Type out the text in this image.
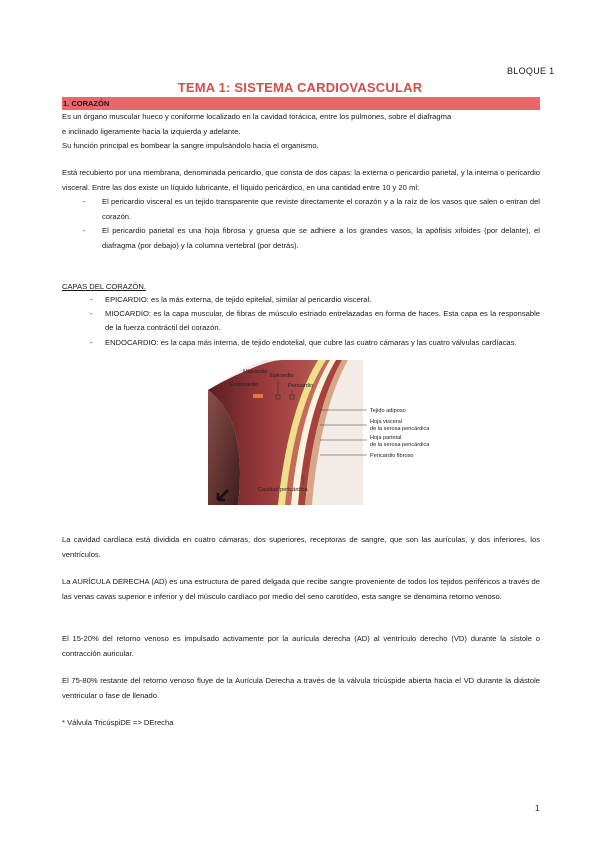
BLOQUE 1
TEMA 1: SISTEMA CARDIOVASCULAR
1. CORAZÓN
Es un órgano muscular hueco y coniforme localizado en la cavidad torácica, entre los pulmones, sobre el diafragma
e inclinado ligeramente hacia la izquierda y adelante.
Su función principal es bombear la sangre impulsándolo hacia el organismo.
Está recubierto por una membrana, denominada pericardio, que consta de dos capas: la externa o pericardio parietal, y la interna o pericardio visceral. Entre las dos existe un líquido lubricante, el líquido pericárdico, en una cantidad entre 10 y 20 ml:
- El pericardio visceral es un tejido transparente que reviste directamente el corazón y a la raíz de los vasos que salen o entran del corazón.
- El pericardio parietal es una hoja fibrosa y gruesa que se adhiere a los grandes vasos, la apófisis xifoides (por delante), el diafragma (por debajo) y la columna vertebral (por detrás).
CAPAS DEL CORAZÓN.
- EPICARDIO: es la más externa, de tejido epitelial, similar al pericardio visceral.
- MIOCARDIO: es la capa muscular, de fibras de músculo estriado entrelazadas en forma de haces. Esta capa es la responsable de la fuerza contráctil del corazón.
- ENDOCARDIO: es la capa más interna, de tejido endotelial, que cubre las cuatro cámaras y las cuatro válvulas cardíacas.
Endocardio
Miocardio
Epicardio
Pericardio
Tejido adiposo
Hoja visceral
de la serosa pericárdica
Hoja parietal
de la serosa pericárdica
Pericardio fibroso
Cavidad pericárdica
La cavidad cardíaca está dividida en cuatro cámaras, dos superiores, receptoras de sangre, que son las aurículas, y dos inferiores, los ventrículos.
La AURÍCULA DERECHA (AD) es una estructura de pared delgada que recibe sangre proveniente de todos los tejidos periféricos a través de las venas cavas superior e inferior y del músculo cardíaco por medio del seno carotídeo, esta sangre se denomina retorno venoso.
El 15-20% del retorno venoso es impulsado activamente por la aurícula derecha (AD) al ventrículo derecho (VD) durante la sístole o contracción auricular.
El 75-80% restante del retorno venoso fluye de la Aurícula Derecha a través de la válvula tricúspide abierta hacia el VD durante la diástole ventricular o fase de llenado.
* Válvula TricúspiDE => DErecha
1
